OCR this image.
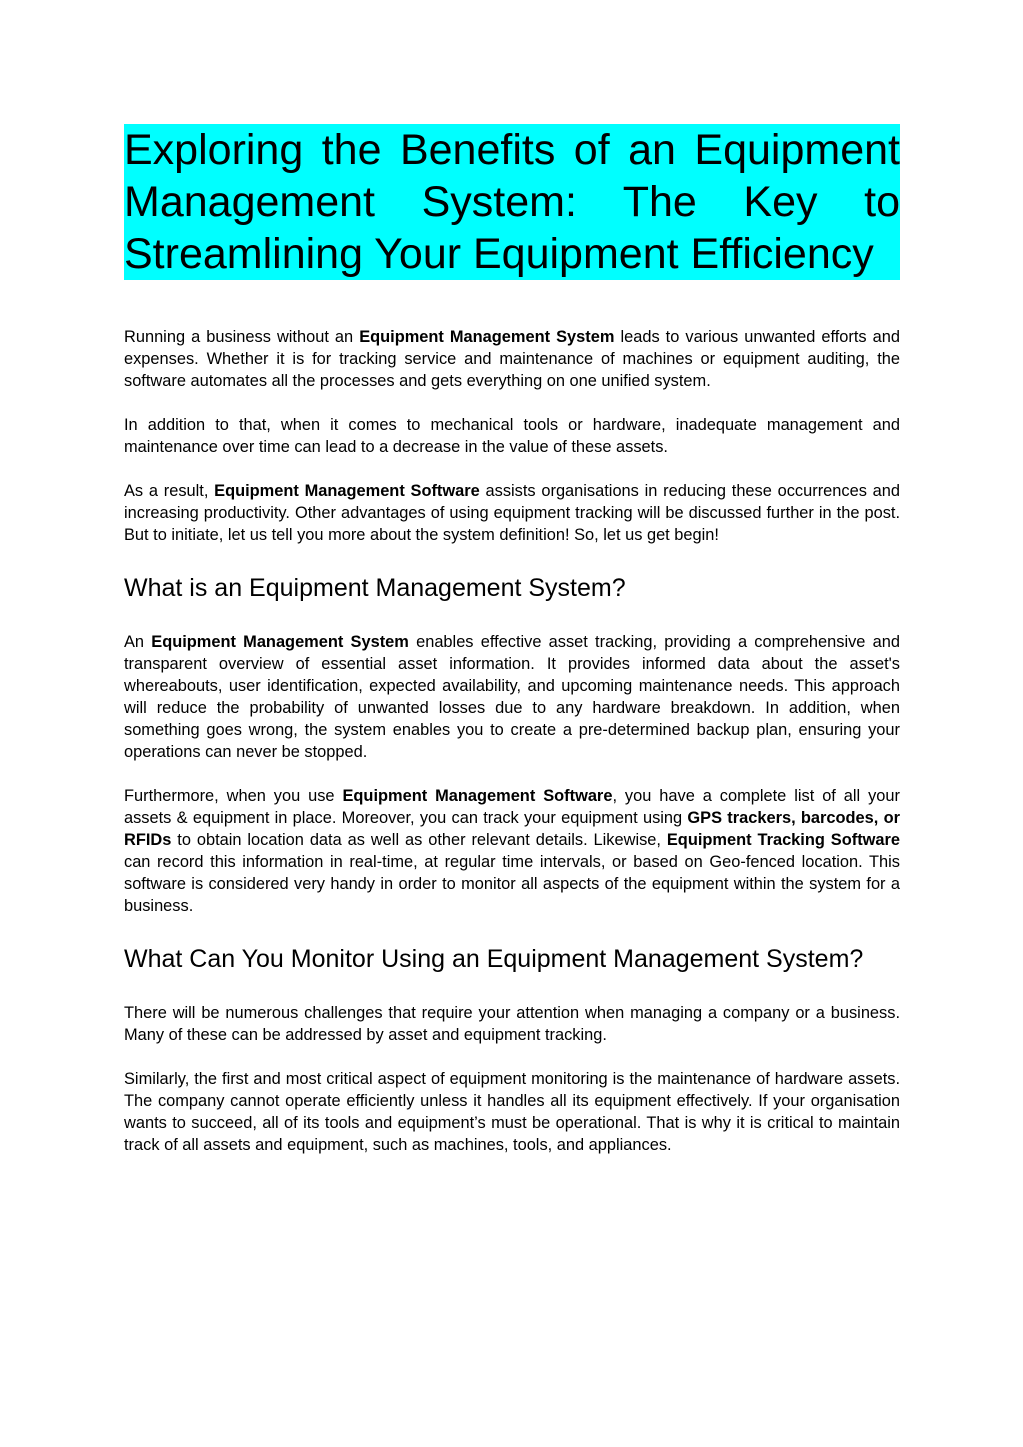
Exploring the Benefits of an Equipment
Management System: The Key to
Streamlining Your Equipment Efficiency

Running a business without an Equipment Management System leads to various unwanted efforts and expenses. Whether it is for tracking service and maintenance of machines or equipment auditing, the software automates all the processes and gets everything on one unified system.

In addition to that, when it comes to mechanical tools or hardware, inadequate management and maintenance over time can lead to a decrease in the value of these assets.

As a result, Equipment Management Software assists organisations in reducing these occurrences and increasing productivity. Other advantages of using equipment tracking will be discussed further in the post. But to initiate, let us tell you more about the system definition! So, let us get begin!

What is an Equipment Management System?

An Equipment Management System enables effective asset tracking, providing a comprehensive and transparent overview of essential asset information. It provides informed data about the asset's whereabouts, user identification, expected availability, and upcoming maintenance needs. This approach will reduce the probability of unwanted losses due to any hardware breakdown. In addition, when something goes wrong, the system enables you to create a pre-determined backup plan, ensuring your operations can never be stopped.

Furthermore, when you use Equipment Management Software, you have a complete list of all your assets & equipment in place. Moreover, you can track your equipment using GPS trackers, barcodes, or RFIDs to obtain location data as well as other relevant details. Likewise, Equipment Tracking Software can record this information in real-time, at regular time intervals, or based on Geo-fenced location. This software is considered very handy in order to monitor all aspects of the equipment within the system for a business.

What Can You Monitor Using an Equipment Management System?

There will be numerous challenges that require your attention when managing a company or a business. Many of these can be addressed by asset and equipment tracking.

Similarly, the first and most critical aspect of equipment monitoring is the maintenance of hardware assets. The company cannot operate efficiently unless it handles all its equipment effectively. If your organisation wants to succeed, all of its tools and equipment’s must be operational. That is why it is critical to maintain track of all assets and equipment, such as machines, tools, and appliances.
